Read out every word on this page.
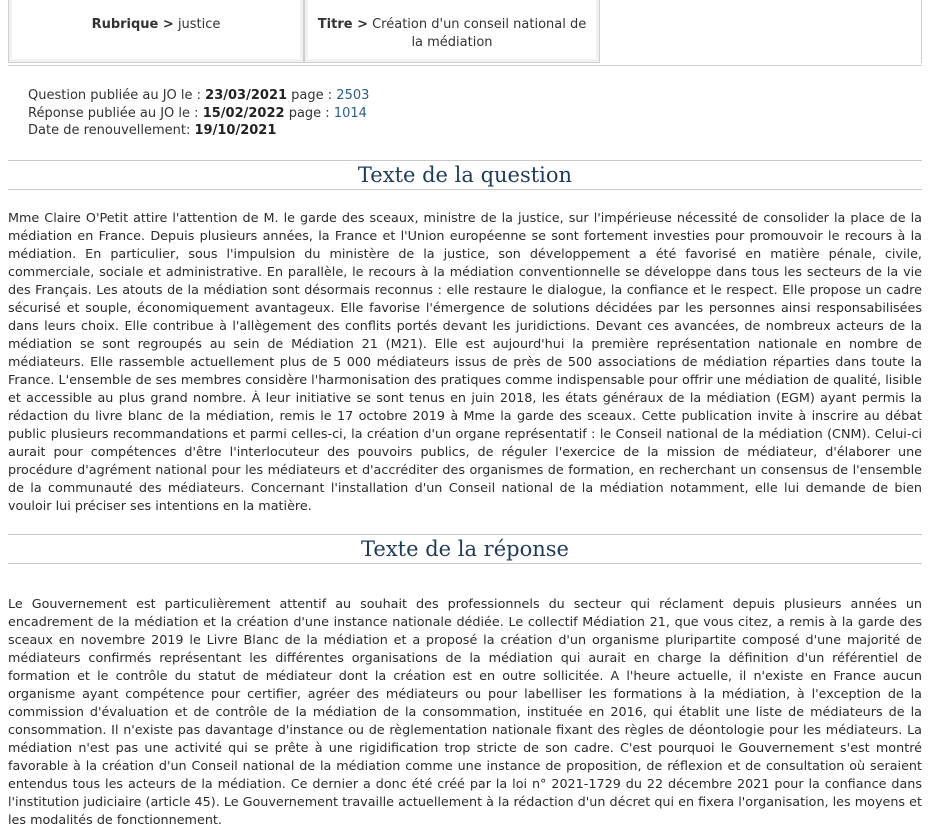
Rubrique > justice	Titre > Création d'un conseil national de la médiation
Question publiée au JO le : 23/03/2021 page : 2503
Réponse publiée au JO le : 15/02/2022 page : 1014
Date de renouvellement: 19/10/2021
Texte de la question

Mme Claire O'Petit attire l'attention de M. le garde des sceaux, ministre de la justice, sur l'impérieuse nécessité de consolider la place de la médiation en France. Depuis plusieurs années, la France et l'Union européenne se sont fortement investies pour promouvoir le recours à la médiation. En particulier, sous l'impulsion du ministère de la justice, son développement a été favorisé en matière pénale, civile, commerciale, sociale et administrative. En parallèle, le recours à la médiation conventionnelle se développe dans tous les secteurs de la vie des Français. Les atouts de la médiation sont désormais reconnus : elle restaure le dialogue, la confiance et le respect. Elle propose un cadre sécurisé et souple, économiquement avantageux. Elle favorise l'émergence de solutions décidées par les personnes ainsi responsabilisées dans leurs choix. Elle contribue à l'allègement des conflits portés devant les juridictions. Devant ces avancées, de nombreux acteurs de la médiation se sont regroupés au sein de Médiation 21 (M21). Elle est aujourd'hui la première représentation nationale en nombre de médiateurs. Elle rassemble actuellement plus de 5 000 médiateurs issus de près de 500 associations de médiation réparties dans toute la France. L'ensemble de ses membres considère l'harmonisation des pratiques comme indispensable pour offrir une médiation de qualité, lisible et accessible au plus grand nombre. À leur initiative se sont tenus en juin 2018, les états généraux de la médiation (EGM) ayant permis la rédaction du livre blanc de la médiation, remis le 17 octobre 2019 à Mme la garde des sceaux. Cette publication invite à inscrire au débat public plusieurs recommandations et parmi celles-ci, la création d'un organe représentatif : le Conseil national de la médiation (CNM). Celui-ci aurait pour compétences d'être l'interlocuteur des pouvoirs publics, de réguler l'exercice de la mission de médiateur, d'élaborer une procédure d'agrément national pour les médiateurs et d'accréditer des organismes de formation, en recherchant un consensus de l'ensemble de la communauté des médiateurs. Concernant l'installation d'un Conseil national de la médiation notamment, elle lui demande de bien vouloir lui préciser ses intentions en la matière.

Texte de la réponse

Le Gouvernement est particulièrement attentif au souhait des professionnels du secteur qui réclament depuis plusieurs années un encadrement de la médiation et la création d'une instance nationale dédiée. Le collectif Médiation 21, que vous citez, a remis à la garde des sceaux en novembre 2019 le Livre Blanc de la médiation et a proposé la création d'un organisme pluripartite composé d'une majorité de médiateurs confirmés représentant les différentes organisations de la médiation qui aurait en charge la définition d'un référentiel de formation et le contrôle du statut de médiateur dont la création est en outre sollicitée. A l'heure actuelle, il n'existe en France aucun organisme ayant compétence pour certifier, agréer des médiateurs ou pour labelliser les formations à la médiation, à l'exception de la commission d'évaluation et de contrôle de la médiation de la consommation, instituée en 2016, qui établit une liste de médiateurs de la consommation. Il n'existe pas davantage d'instance ou de règlementation nationale fixant des règles de déontologie pour les médiateurs. La médiation n'est pas une activité qui se prête à une rigidification trop stricte de son cadre. C'est pourquoi le Gouvernement s'est montré favorable à la création d'un Conseil national de la médiation comme une instance de proposition, de réflexion et de consultation où seraient entendus tous les acteurs de la médiation. Ce dernier a donc été créé par la loi n° 2021-1729 du 22 décembre 2021 pour la confiance dans l'institution judiciaire (article 45). Le Gouvernement travaille actuellement à la rédaction d'un décret qui en fixera l'organisation, les moyens et les modalités de fonctionnement.
